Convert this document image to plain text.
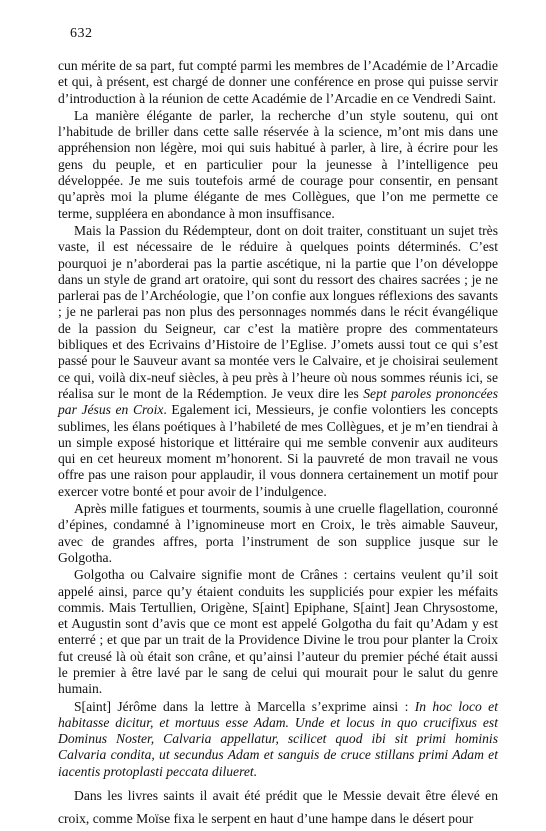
632

cun mérite de sa part, fut compté parmi les membres de l’Académie de l’Arcadie et qui, à présent, est chargé de donner une conférence en prose qui puisse servir d’introduction à la réunion de cette Académie de l’Arcadie en ce Vendredi Saint.

La manière élégante de parler, la recherche d’un style soutenu, qui ont l’habitude de briller dans cette salle réservée à la science, m’ont mis dans une appréhension non légère, moi qui suis habitué à parler, à lire, à écrire pour les gens du peuple, et en particulier pour la jeunesse à l’intelligence peu développée. Je me suis toutefois armé de courage pour consentir, en pensant qu’après moi la plume élégante de mes Collègues, que l’on me permette ce terme, suppléera en abondance à mon insuffisance.

Mais la Passion du Rédempteur, dont on doit traiter, constituant un sujet très vaste, il est nécessaire de le réduire à quelques points déterminés. C’est pourquoi je n’aborderai pas la partie ascétique, ni la partie que l’on développe dans un style de grand art oratoire, qui sont du ressort des chaires sacrées ; je ne parlerai pas de l’Archéologie, que l’on confie aux longues réflexions des savants ; je ne parlerai pas non plus des personnages nommés dans le récit évangélique de la passion du Seigneur, car c’est la matière propre des commentateurs bibliques et des Ecrivains d’Histoire de l’Eglise. J’omets aussi tout ce qui s’est passé pour le Sauveur avant sa montée vers le Calvaire, et je choisirai seulement ce qui, voilà dix-neuf siècles, à peu près à l’heure où nous sommes réunis ici, se réalisa sur le mont de la Rédemption. Je veux dire les Sept paroles prononcées par Jésus en Croix. Egalement ici, Messieurs, je confie volontiers les concepts sublimes, les élans poétiques à l’habileté de mes Collègues, et je m’en tiendrai à un simple exposé historique et littéraire qui me semble convenir aux auditeurs qui en cet heureux moment m’honorent. Si la pauvreté de mon travail ne vous offre pas une raison pour applaudir, il vous donnera certainement un motif pour exercer votre bonté et pour avoir de l’indulgence.

Après mille fatigues et tourments, soumis à une cruelle flagellation, couronné d’épines, condamné à l’ignomineuse mort en Croix, le très aimable Sauveur, avec de grandes affres, porta l’instrument de son supplice jusque sur le Golgotha.

Golgotha ou Calvaire signifie mont de Crânes : certains veulent qu’il soit appelé ainsi, parce qu’y étaient conduits les suppliciés pour expier les méfaits commis. Mais Tertullien, Origène, S[aint] Epiphane, S[aint] Jean Chrysostome, et Augustin sont d’avis que ce mont est appelé Golgotha du fait qu’Adam y est enterré ; et que par un trait de la Providence Divine le trou pour planter la Croix fut creusé là où était son crâne, et qu’ainsi l’auteur du premier péché était aussi le premier à être lavé par le sang de celui qui mourait pour le salut du genre humain.

S[aint] Jérôme dans la lettre à Marcella s’exprime ainsi : In hoc loco et habitasse dicitur, et mortuus esse Adam. Unde et locus in quo crucifixus est Dominus Noster, Calvaria appellatur, scilicet quod ibi sit primi hominis Calvaria condita, ut secundus Adam et sanguis de cruce stillans primi Adam et iacentis protoplasti peccata dilueret.

Dans les livres saints il avait été prédit que le Messie devait être élevé en croix, comme Moïse fixa le serpent en haut d’une hampe dans le désert pour
